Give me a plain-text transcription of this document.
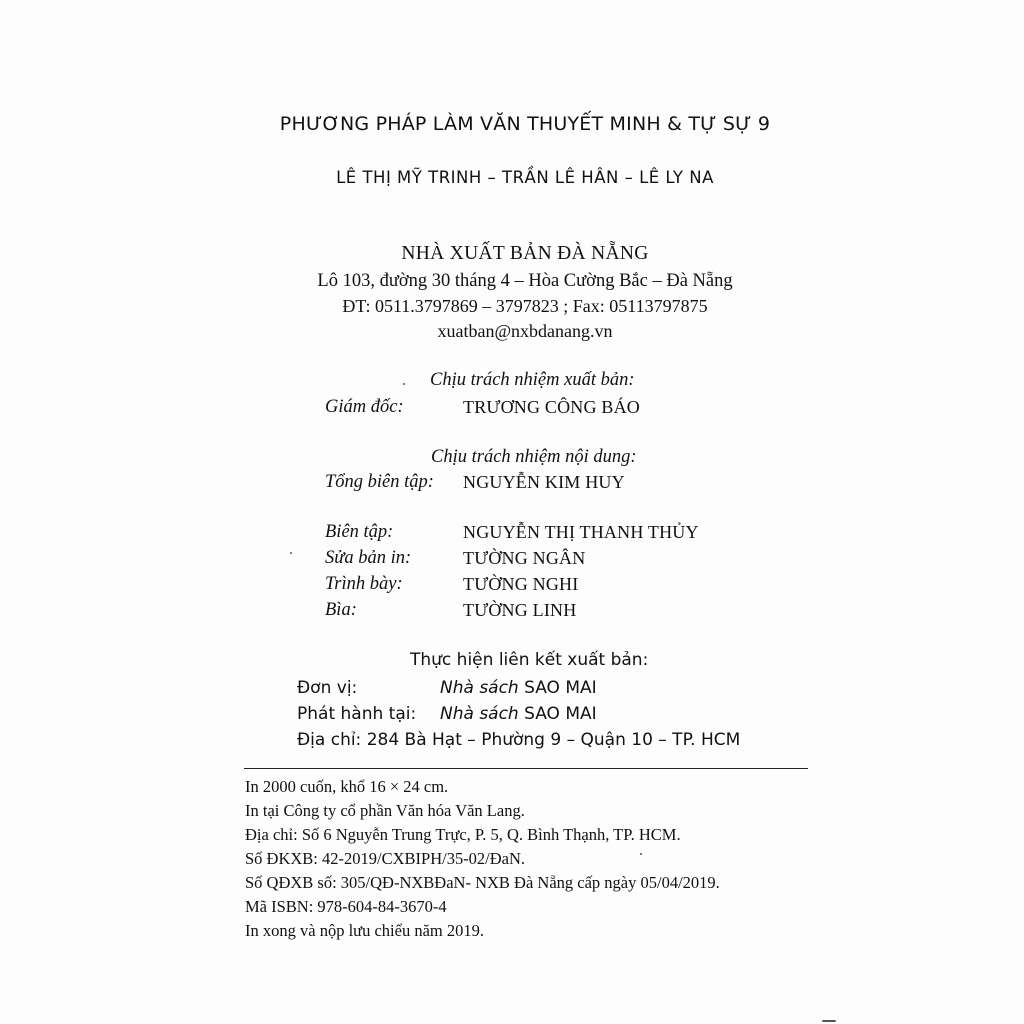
PHƯƠNG PHÁP LÀM VĂN THUYẾT MINH & TỰ SỰ 9
LÊ THỊ MỸ TRINH – TRẦN LÊ HÂN – LÊ LY NA
NHÀ XUẤT BẢN ĐÀ NẴNG
Lô 103, đường 30 tháng 4 – Hòa Cường Bắc – Đà Nẵng
ĐT: 0511.3797869 – 3797823 ; Fax: 05113797875
xuatban@nxbdanang.vn
Chịu trách nhiệm xuất bản:
Giám đốc:	TRƯƠNG CÔNG BÁO
Chịu trách nhiệm nội dung:
Tổng biên tập: NGUYỄN KIM HUY
Biên tập:	NGUYỄN THỊ THANH THỦY
Sửa bản in:	TƯỜNG NGÂN
Trình bày:	TƯỜNG NGHI
Bìa:	TƯỜNG LINH
Thực hiện liên kết xuất bản:
Đơn vị:	Nhà sách SAO MAI
Phát hành tại: Nhà sách SAO MAI
Địa chỉ: 284 Bà Hạt – Phường 9 – Quận 10 – TP. HCM
In 2000 cuốn, khổ 16 × 24 cm.
In tại Công ty cổ phần Văn hóa Văn Lang.
Địa chỉ: Số 6 Nguyễn Trung Trực, P. 5, Q. Bình Thạnh, TP. HCM.
Số ĐKXB: 42-2019/CXBIPH/35-02/ĐaN.
Số QĐXB số: 305/QĐ-NXBĐaN- NXB Đà Nẵng cấp ngày 05/04/2019.
Mã ISBN: 978-604-84-3670-4
In xong và nộp lưu chiểu năm 2019.
